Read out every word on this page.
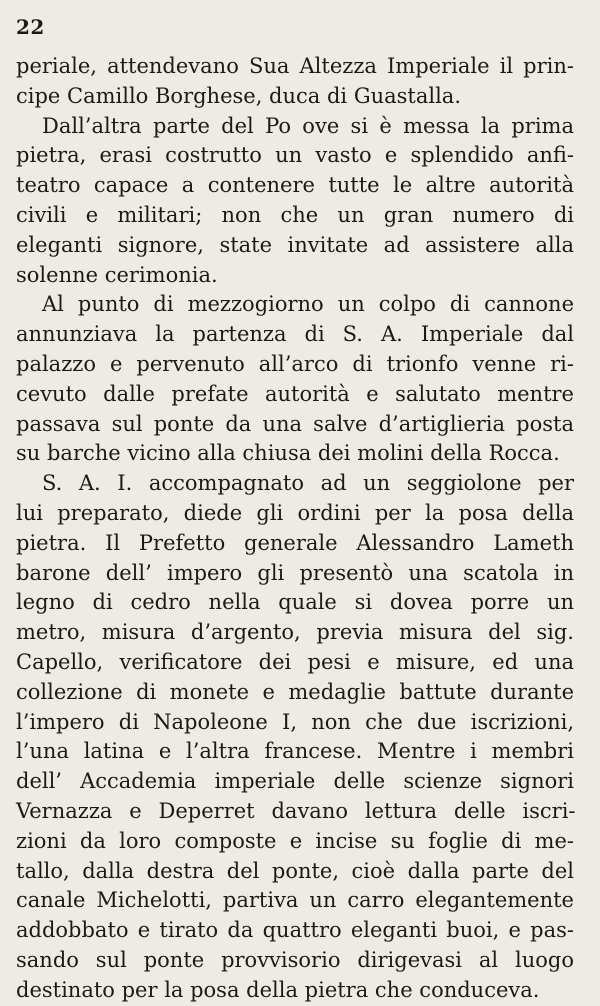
22
periale, attendevano Sua Altezza Imperiale il prin-
cipe Camillo Borghese, duca di Guastalla.
Dall’altra parte del Po ove si è messa la prima
pietra, erasi costrutto un vasto e splendido anfi-
teatro capace a contenere tutte le altre autorità
civili e militari; non che un gran numero di
eleganti signore, state invitate ad assistere alla
solenne cerimonia.
Al punto di mezzogiorno un colpo di cannone
annunziava la partenza di S. A. Imperiale dal
palazzo e pervenuto all’arco di trionfo venne ri-
cevuto dalle prefate autorità e salutato mentre
passava sul ponte da una salve d’artiglieria posta
su barche vicino alla chiusa dei molini della Rocca.
S. A. I. accompagnato ad un seggiolone per
lui preparato, diede gli ordini per la posa della
pietra. Il Prefetto generale Alessandro Lameth
barone dell’ impero gli presentò una scatola in
legno di cedro nella quale si dovea porre un
metro, misura d’argento, previa misura del sig.
Capello, verificatore dei pesi e misure, ed una
collezione di monete e medaglie battute durante
l’impero di Napoleone I, non che due iscrizioni,
l’una latina e l’altra francese. Mentre i membri
dell’ Accademia imperiale delle scienze signori
Vernazza e Deperret davano lettura delle iscri-
zioni da loro composte e incise su foglie di me-
tallo, dalla destra del ponte, cioè dalla parte del
canale Michelotti, partiva un carro elegantemente
addobbato e tirato da quattro eleganti buoi, e pas-
sando sul ponte provvisorio dirigevasi al luogo
destinato per la posa della pietra che conduceva.
